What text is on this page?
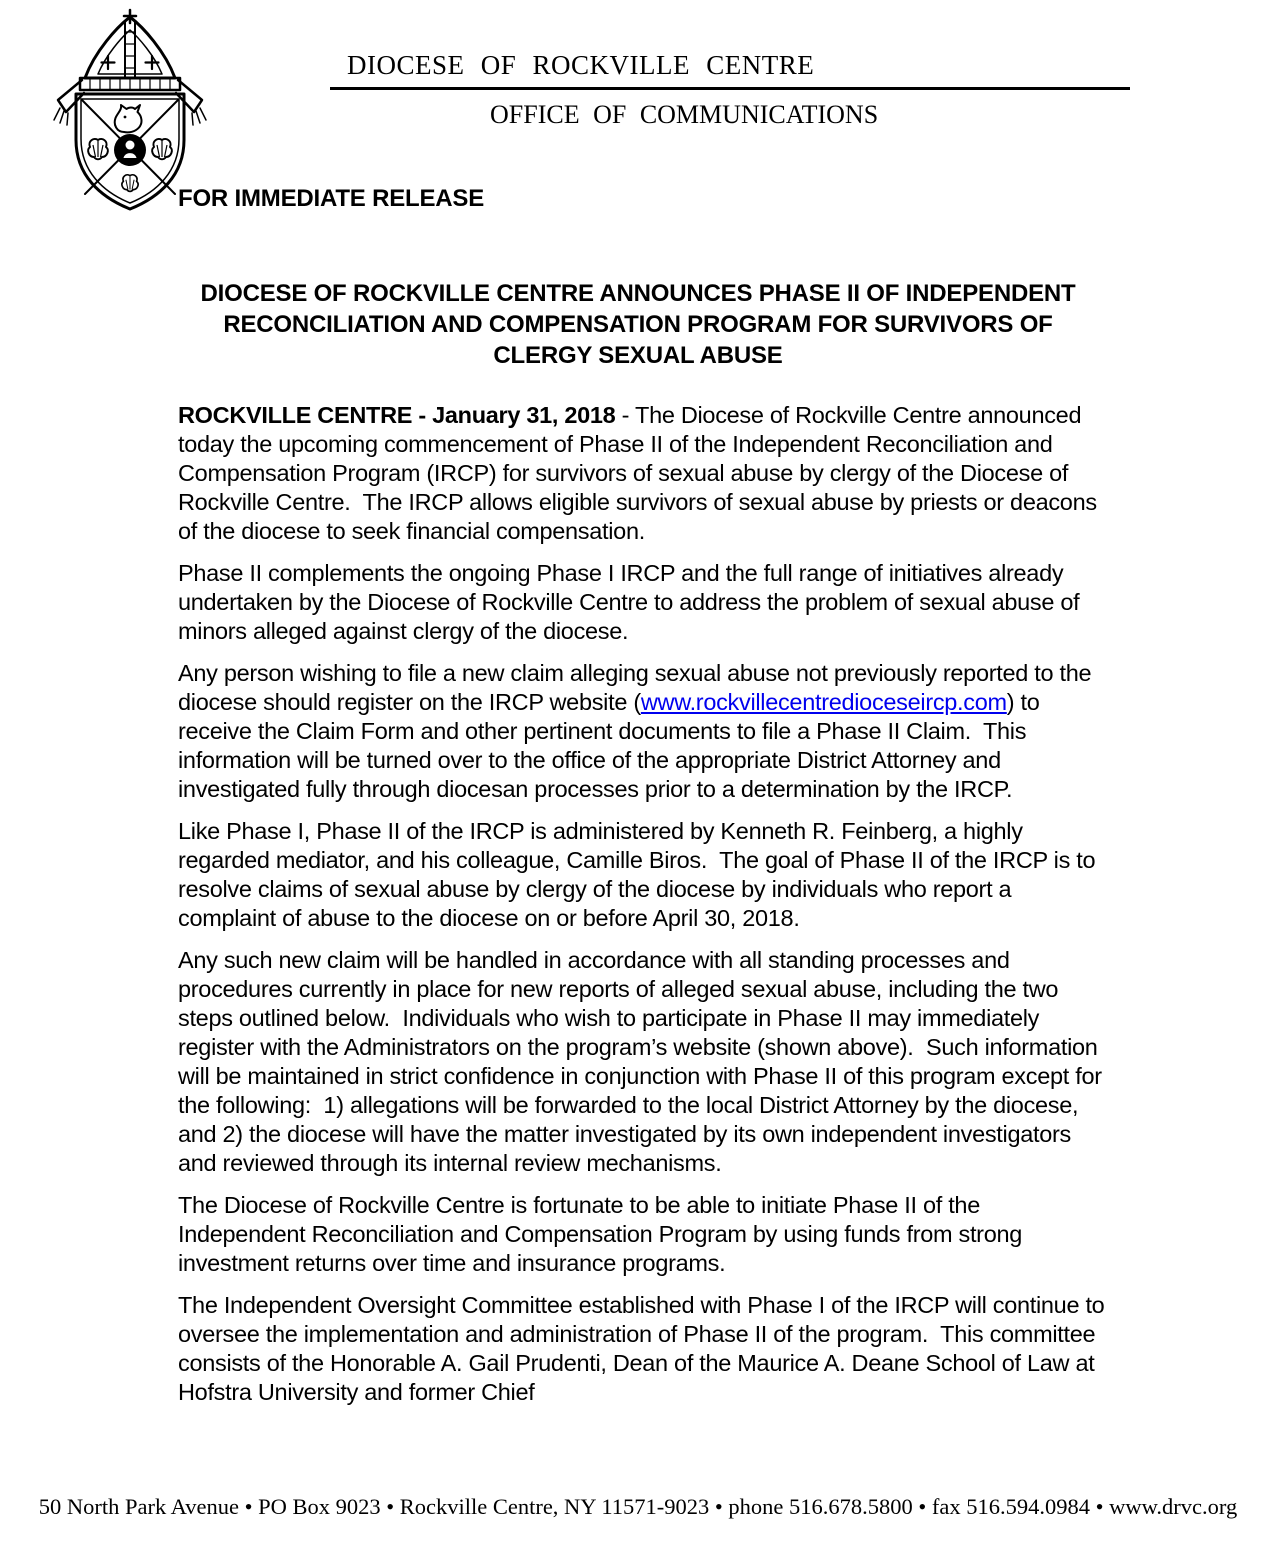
DIOCESE OF ROCKVILLE CENTRE
OFFICE OF COMMUNICATIONS
FOR IMMEDIATE RELEASE
DIOCESE OF ROCKVILLE CENTRE ANNOUNCES PHASE II OF INDEPENDENT
RECONCILIATION AND COMPENSATION PROGRAM FOR SURVIVORS OF
CLERGY SEXUAL ABUSE

ROCKVILLE CENTRE - January 31, 2018 - The Diocese of Rockville Centre announced today the upcoming commencement of Phase II of the Independent Reconciliation and Compensation Program (IRCP) for survivors of sexual abuse by clergy of the Diocese of Rockville Centre.  The IRCP allows eligible survivors of sexual abuse by priests or deacons of the diocese to seek financial compensation.

Phase II complements the ongoing Phase I IRCP and the full range of initiatives already undertaken by the Diocese of Rockville Centre to address the problem of sexual abuse of minors alleged against clergy of the diocese.

Any person wishing to file a new claim alleging sexual abuse not previously reported to the diocese should register on the IRCP website (www.rockvillecentredioceseircp.com) to receive the Claim Form and other pertinent documents to file a Phase II Claim.  This information will be turned over to the office of the appropriate District Attorney and investigated fully through diocesan processes prior to a determination by the IRCP.

Like Phase I, Phase II of the IRCP is administered by Kenneth R. Feinberg, a highly regarded mediator, and his colleague, Camille Biros.  The goal of Phase II of the IRCP is to resolve claims of sexual abuse by clergy of the diocese by individuals who report a complaint of abuse to the diocese on or before April 30, 2018.

Any such new claim will be handled in accordance with all standing processes and procedures currently in place for new reports of alleged sexual abuse, including the two steps outlined below.  Individuals who wish to participate in Phase II may immediately register with the Administrators on the program’s website (shown above).  Such information will be maintained in strict confidence in conjunction with Phase II of this program except for the following:  1) allegations will be forwarded to the local District Attorney by the diocese, and 2) the diocese will have the matter investigated by its own independent investigators and reviewed through its internal review mechanisms.

The Diocese of Rockville Centre is fortunate to be able to initiate Phase II of the Independent Reconciliation and Compensation Program by using funds from strong investment returns over time and insurance programs.

The Independent Oversight Committee established with Phase I of the IRCP will continue to oversee the implementation and administration of Phase II of the program.  This committee consists of the Honorable A. Gail Prudenti, Dean of the Maurice A. Deane School of Law at Hofstra University and former Chief

50 North Park Avenue • PO Box 9023 • Rockville Centre, NY 11571-9023 • phone 516.678.5800 • fax 516.594.0984 • www.drvc.org
